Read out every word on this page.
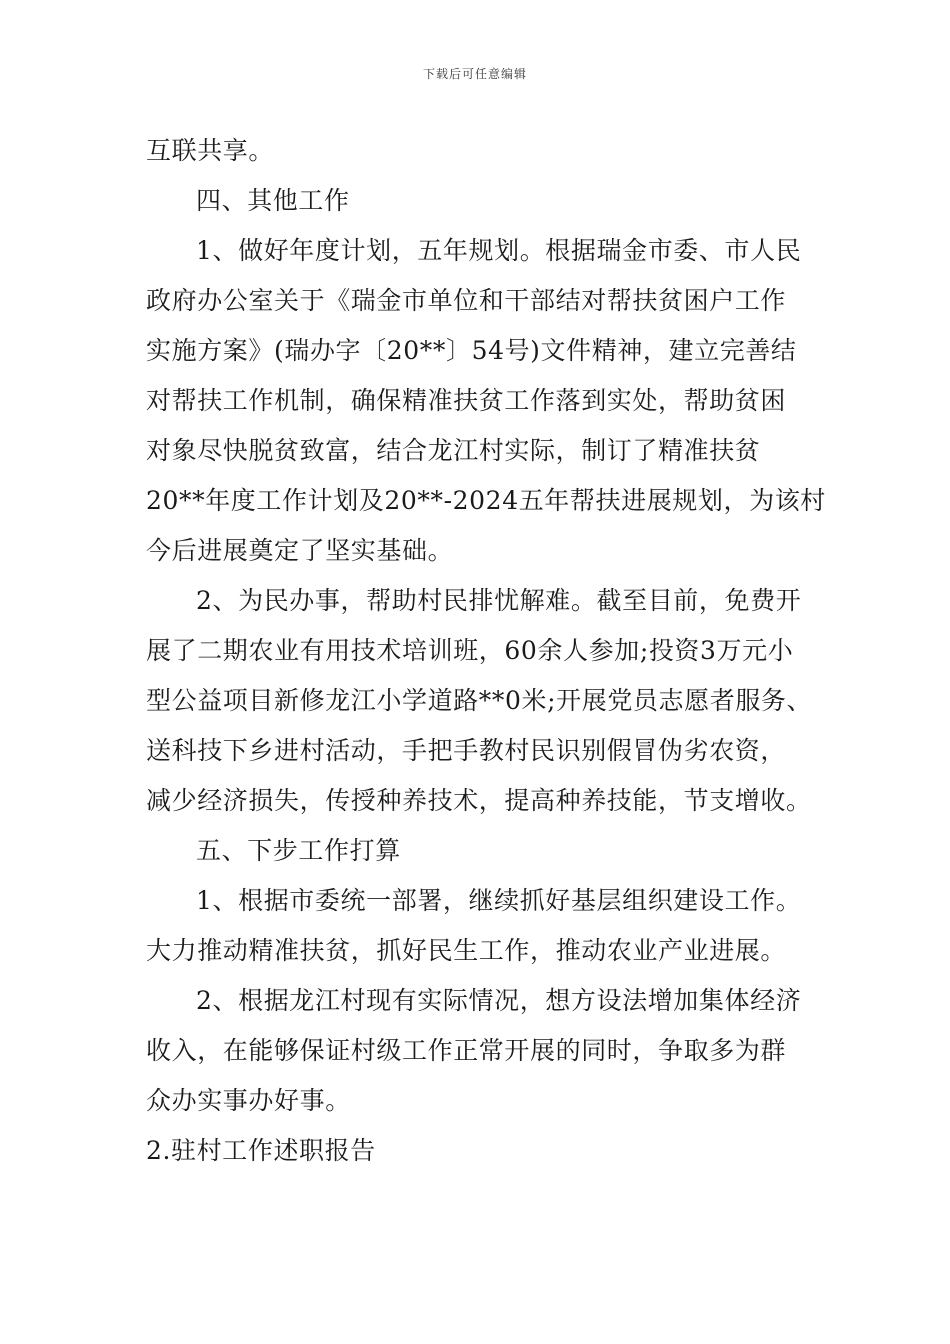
下载后可任意编辑
互联共享。
四、其他工作
1、做好年度计划，五年规划。根据瑞金市委、市人民
政府办公室关于《瑞金市单位和干部结对帮扶贫困户工作
实施方案》(瑞办字〔20**〕54号)文件精神，建立完善结
对帮扶工作机制，确保精准扶贫工作落到实处，帮助贫困
对象尽快脱贫致富，结合龙江村实际，制订了精准扶贫
20**年度工作计划及20**-2024五年帮扶进展规划，为该村
今后进展奠定了坚实基础。
2、为民办事，帮助村民排忧解难。截至目前，免费开
展了二期农业有用技术培训班，60余人参加;投资3万元小
型公益项目新修龙江小学道路**0米;开展党员志愿者服务、
送科技下乡进村活动，手把手教村民识别假冒伪劣农资，
减少经济损失，传授种养技术，提高种养技能，节支增收。
五、下步工作打算
1、根据市委统一部署，继续抓好基层组织建设工作。
大力推动精准扶贫，抓好民生工作，推动农业产业进展。
2、根据龙江村现有实际情况，想方设法增加集体经济
收入，在能够保证村级工作正常开展的同时，争取多为群
众办实事办好事。
2.驻村工作述职报告
